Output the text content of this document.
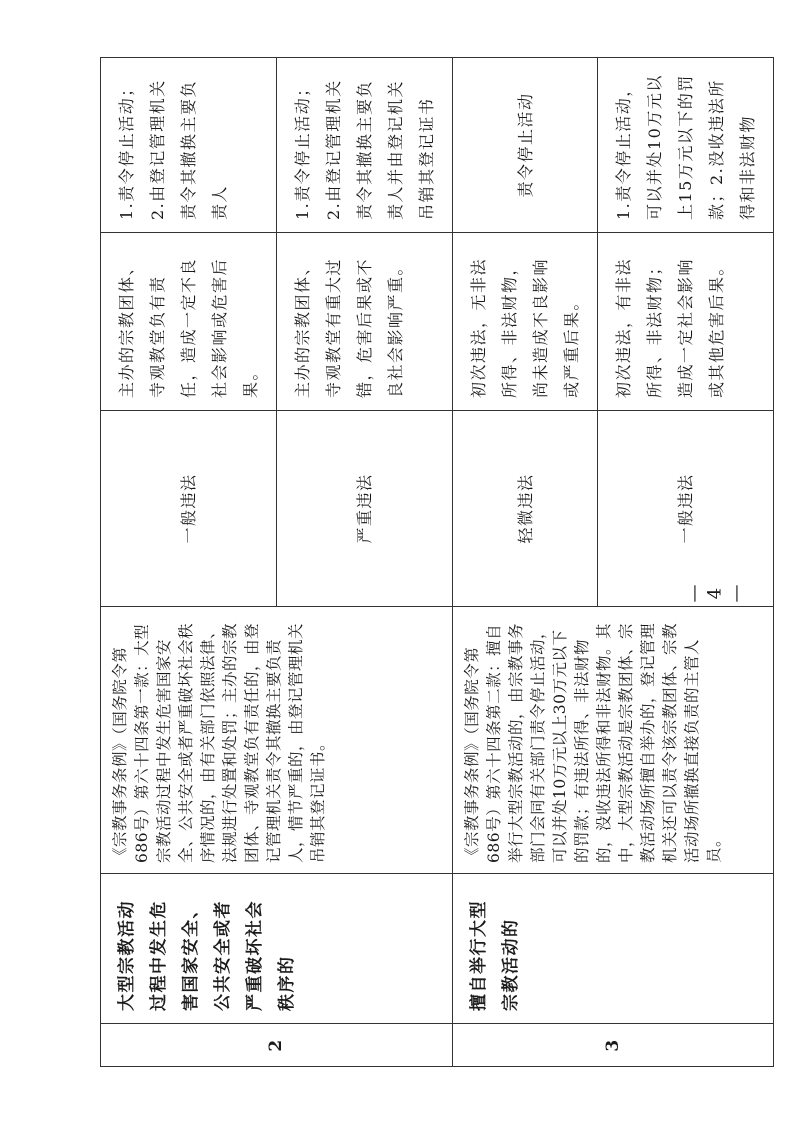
2	大型宗教活动过程中发生危害国家安全、公共安全或者严重破坏社会秩序的	《宗教事务条例》（国务院令第686号）第六十四条第一款：大型宗教活动过程中发生危害国家安全、公共安全或者严重破坏社会秩序情况的，由有关部门依照法律、法规进行处置和处罚；主办的宗教团体、寺观教堂负有责任的，由登记管理机关责令其撤换主要负责人，情节严重的，由登记管理机关吊销其登记证书。	一般违法	主办的宗教团体、寺观教堂负有责任，造成一定不良社会影响或危害后果。	1.责令停止活动；2.由登记管理机关责令其撤换主要负责人
			严重违法	主办的宗教团体、寺观教堂有重大过错，危害后果或不良社会影响严重。	1.责令停止活动；2.由登记管理机关责令其撤换主要负责人并由登记机关吊销其登记证书
3	擅自举行大型宗教活动的	《宗教事务条例》（国务院令第686号）第六十四条第二款：擅自举行大型宗教活动的，由宗教事务部门会同有关部门责令停止活动，可以并处10万元以上30万元以下的罚款；有违法所得、非法财物的，没收违法所得和非法财物。其中，大型宗教活动是宗教团体、宗教活动场所擅自举办的，登记管理机关还可以责令该宗教团体、宗教活动场所撤换直接负责的主管人员。	轻微违法	初次违法，无非法所得、非法财物，尚未造成不良影响或严重后果。	责令停止活动
			一般违法	初次违法，有非法所得、非法财物；造成一定社会影响或其他危害后果。	1.责令停止活动，可以并处10万元以上15万元以下的罚款；2.没收违法所得和非法财物
— 4 —
